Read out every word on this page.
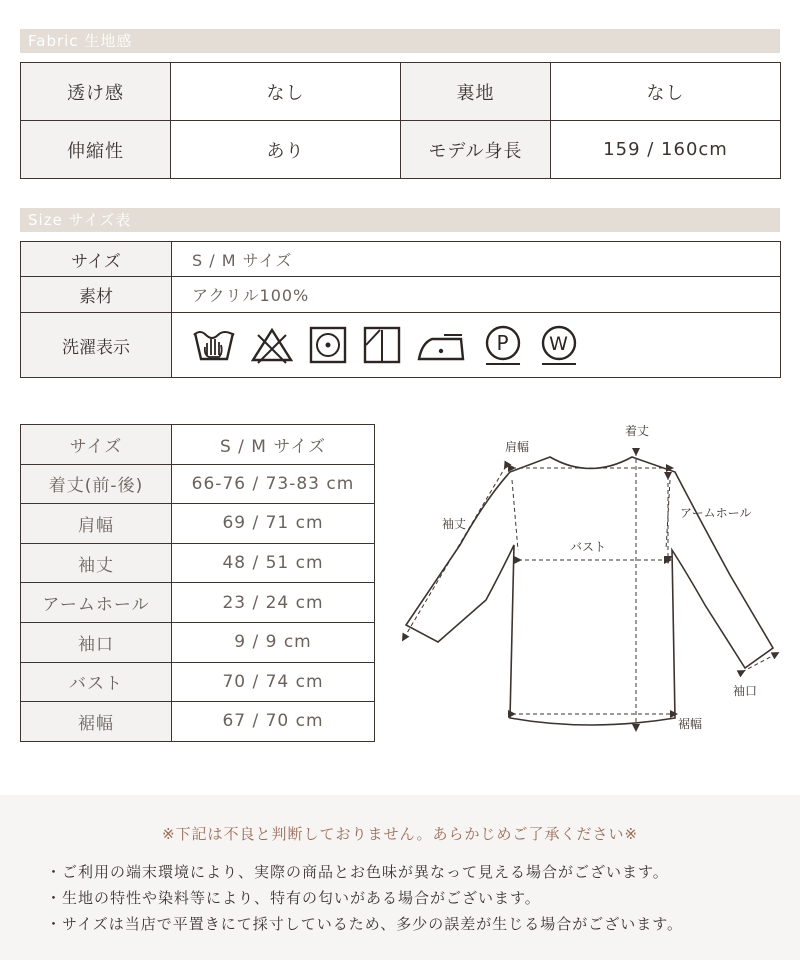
Fabric 生地感
透け感	なし	裏地	なし
伸縮性	あり	モデル身長	159 / 160cm
Size サイズ表
サイズ	S / M サイズ
素材	アクリル100%
洗濯表示	P W
サイズ	S / M サイズ
着丈(前-後)	66-76 / 73-83 cm
肩幅	69 / 71 cm
袖丈	48 / 51 cm
アームホール	23 / 24 cm
袖口	9 / 9 cm
バスト	70 / 74 cm
裾幅	67 / 70 cm
肩幅
着丈
袖丈
アームホール
バスト
袖口
裾幅
※下記は不良と判断しておりません。あらかじめご了承ください※
・ご利用の端末環境により、実際の商品とお色味が異なって見える場合がございます。
・生地の特性や染料等により、特有の匂いがある場合がございます。
・サイズは当店で平置きにて採寸しているため、多少の誤差が生じる場合がございます。
